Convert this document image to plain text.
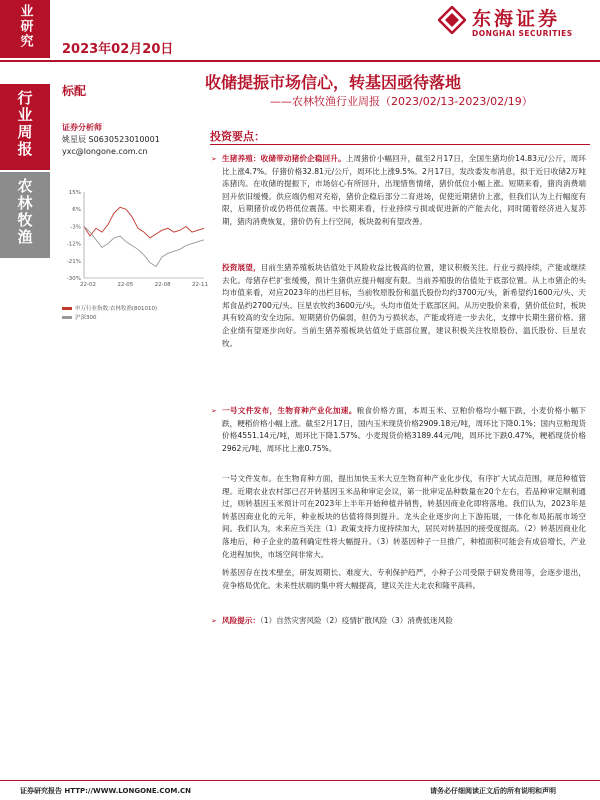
业研究
行业周报
农林牧渔
2023年02月20日
东海证券
DONGHAI SECURITIES
标配	收储提振市场信心，转基因亟待落地
——农林牧渔行业周报（2023/02/13-2023/02/19）
证券分析师
姚星辰 S0630523010001
yxc@longone.com.cn
投资要点：
15%
6%
-3%
-12%
-21%
-30%
22-02	22-05	22-08	22-11
申万行业指数:农林牧渔(801010)
沪深300
➢ 生猪养殖：收储带动猪价企稳回升。上周猪价小幅回升，截至2月17日，全国生猪均价14.83元/公斤，周环比上涨4.7%。仔猪价格32.81元/公斤，周环比上涨9.5%。2月17日，发改委发布消息，拟于近日收储2万吨冻猪肉。在收储的提振下，市场信心有所回升，出现惜售情绪，猪价低位小幅上涨。短期来看，猪肉消费端回升依旧缓慢。供应端仍相对充裕，猪价企稳后部分二育进场，促使近期猪价上涨，但我们认为上行幅度有限，后期猪价或仍将低位震荡。中长期来看，行业持续亏损或促进新的产能去化，同时随着经济进入复苏期，猪肉消费恢复，猪价仍有上行空间，板块盈利有望改善。
投资展望，目前生猪养殖板块估值处于风险收益比极高的位置，建议积极关注。行业亏损持续，产能或继续去化。母猪存栏扩张缓慢，预计生猪供应提升幅度有限。当前养殖股的估值处于底部位置。从上市猪企的头均市值来看，对应2023年的出栏目标，当前牧原股份和温氏股份均约3700元/头，新希望约1600元/头、天邦食品约2700元/头、巨星农牧约3600元/头，头均市值处于底部区间。从历史股价来看，猪价低位时，板块具有较高的安全边际。短期猪价仍偏弱，但仍为亏损状态，产能或将进一步去化，支撑中长期生猪价格。猪企业绩有望逐步向好。当前生猪养殖板块估值处于底部位置，建议积极关注牧原股份、温氏股份、巨星农牧。
➢ 一号文件发布，生物育种产业化加速。粮食价格方面，本周玉米、豆粕价格均小幅下跌，小麦价格小幅下跌，粳稻价格小幅上涨。截至2月17日，国内玉米现货价格2909.18元/吨，周环比下降0.1%；国内豆粕现货价格4551.14元/吨，周环比下降1.57%。小麦现货价格3189.44元/吨，周环比下跌0.47%，粳稻现货价格2962元/吨，周环比上涨0.75%。
一号文件发布。在生物育种方面，提出加快玉米大豆生物育种产业化步伐，有序扩大试点范围，规范种植管理。近期农业农村部已召开转基因玉米品种审定会议，第一批审定品种数量在20个左右，若品种审定顺利通过，则转基因玉米预计可在2023年上半年开始种植并销售，转基因商业化即将落地。我们认为，2023年是转基因商业化的元年，种业板块的估值将得到提升。龙头企业逐步向上下游拓展，一体化布局拓展市场空间。我们认为，未来应当关注（1）政策支持力度持续加大，居民对转基因的接受度提高。（2）转基因商业化落地后，种子企业的盈利确定性将大幅提升。（3）转基因种子一旦推广，种植面积可能会有成倍增长，产业化进程加快，市场空间非常大。
转基因存在技术壁垒，研发周期长、难度大、专利保护趋严，小种子公司受限于研发费用等，会逐步退出，竞争格局优化。未来性状端的集中将大幅提高，建议关注大北农和隆平高科。
➢ 风险提示：（1）自然灾害风险（2）疫情扩散风险（3）消费低迷风险
证券研究报告 HTTP://WWW.LONGONE.COM.CN	请务必仔细阅读正文后的所有说明和声明
